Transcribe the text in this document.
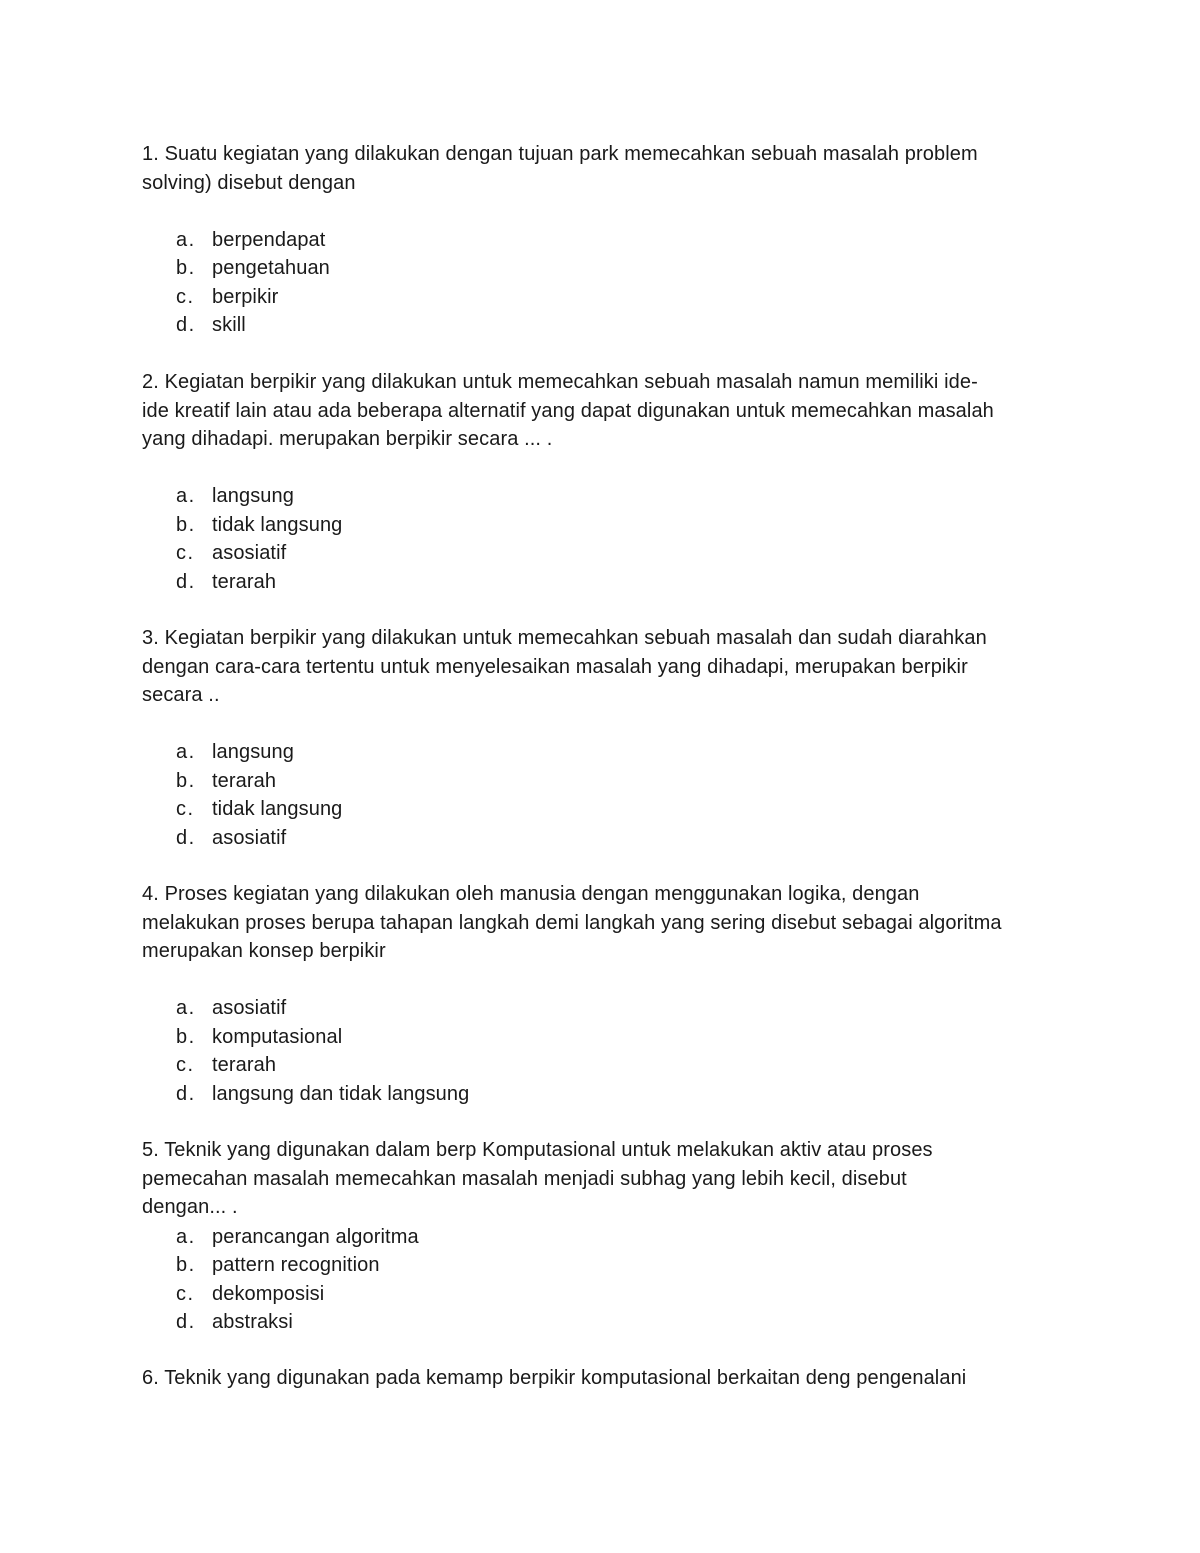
1. Suatu kegiatan yang dilakukan dengan tujuan park memecahkan sebuah masalah problem
solving) disebut dengan

a. berpendapat
b. pengetahuan
c. berpikir
d. skill

2. Kegiatan berpikir yang dilakukan untuk memecahkan sebuah masalah namun memiliki ide-
ide kreatif lain atau ada beberapa alternatif yang dapat digunakan untuk memecahkan masalah
yang dihadapi. merupakan berpikir secara ... .

a. langsung
b. tidak langsung
c. asosiatif
d. terarah

3. Kegiatan berpikir yang dilakukan untuk memecahkan sebuah masalah dan sudah diarahkan
dengan cara-cara tertentu untuk menyelesaikan masalah yang dihadapi, merupakan berpikir
secara ..

a. langsung
b. terarah
c. tidak langsung
d. asosiatif

4. Proses kegiatan yang dilakukan oleh manusia dengan menggunakan logika, dengan
melakukan proses berupa tahapan langkah demi langkah yang sering disebut sebagai algoritma
merupakan konsep berpikir

a. asosiatif
b. komputasional
c. terarah
d. langsung dan tidak langsung

5. Teknik yang digunakan dalam berp Komputasional untuk melakukan aktiv atau proses
pemecahan masalah memecahkan masalah menjadi subhag yang lebih kecil, disebut
dengan... .

a. perancangan algoritma
b. pattern recognition
c. dekomposisi
d. abstraksi

6. Teknik yang digunakan pada kemamp berpikir komputasional berkaitan deng pengenalani
